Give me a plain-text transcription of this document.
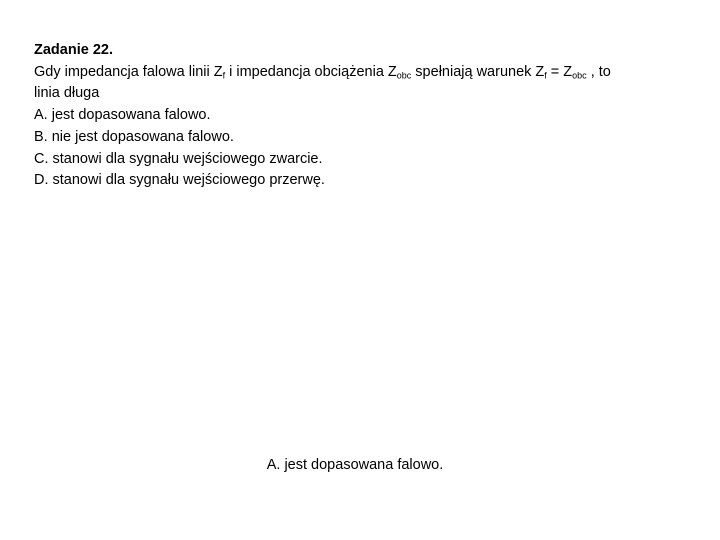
Zadanie 22.
Gdy impedancja falowa linii $Z_f$ i impedancja obciążenia $Z_{obc}$ spełniają warunek $Z_f = Z_{obc}$ , to
linia długa
A. jest dopasowana falowo.
B. nie jest dopasowana falowo.
C. stanowi dla sygnału wejściowego zwarcie.
D. stanowi dla sygnału wejściowego przerwę.
A. jest dopasowana falowo.
